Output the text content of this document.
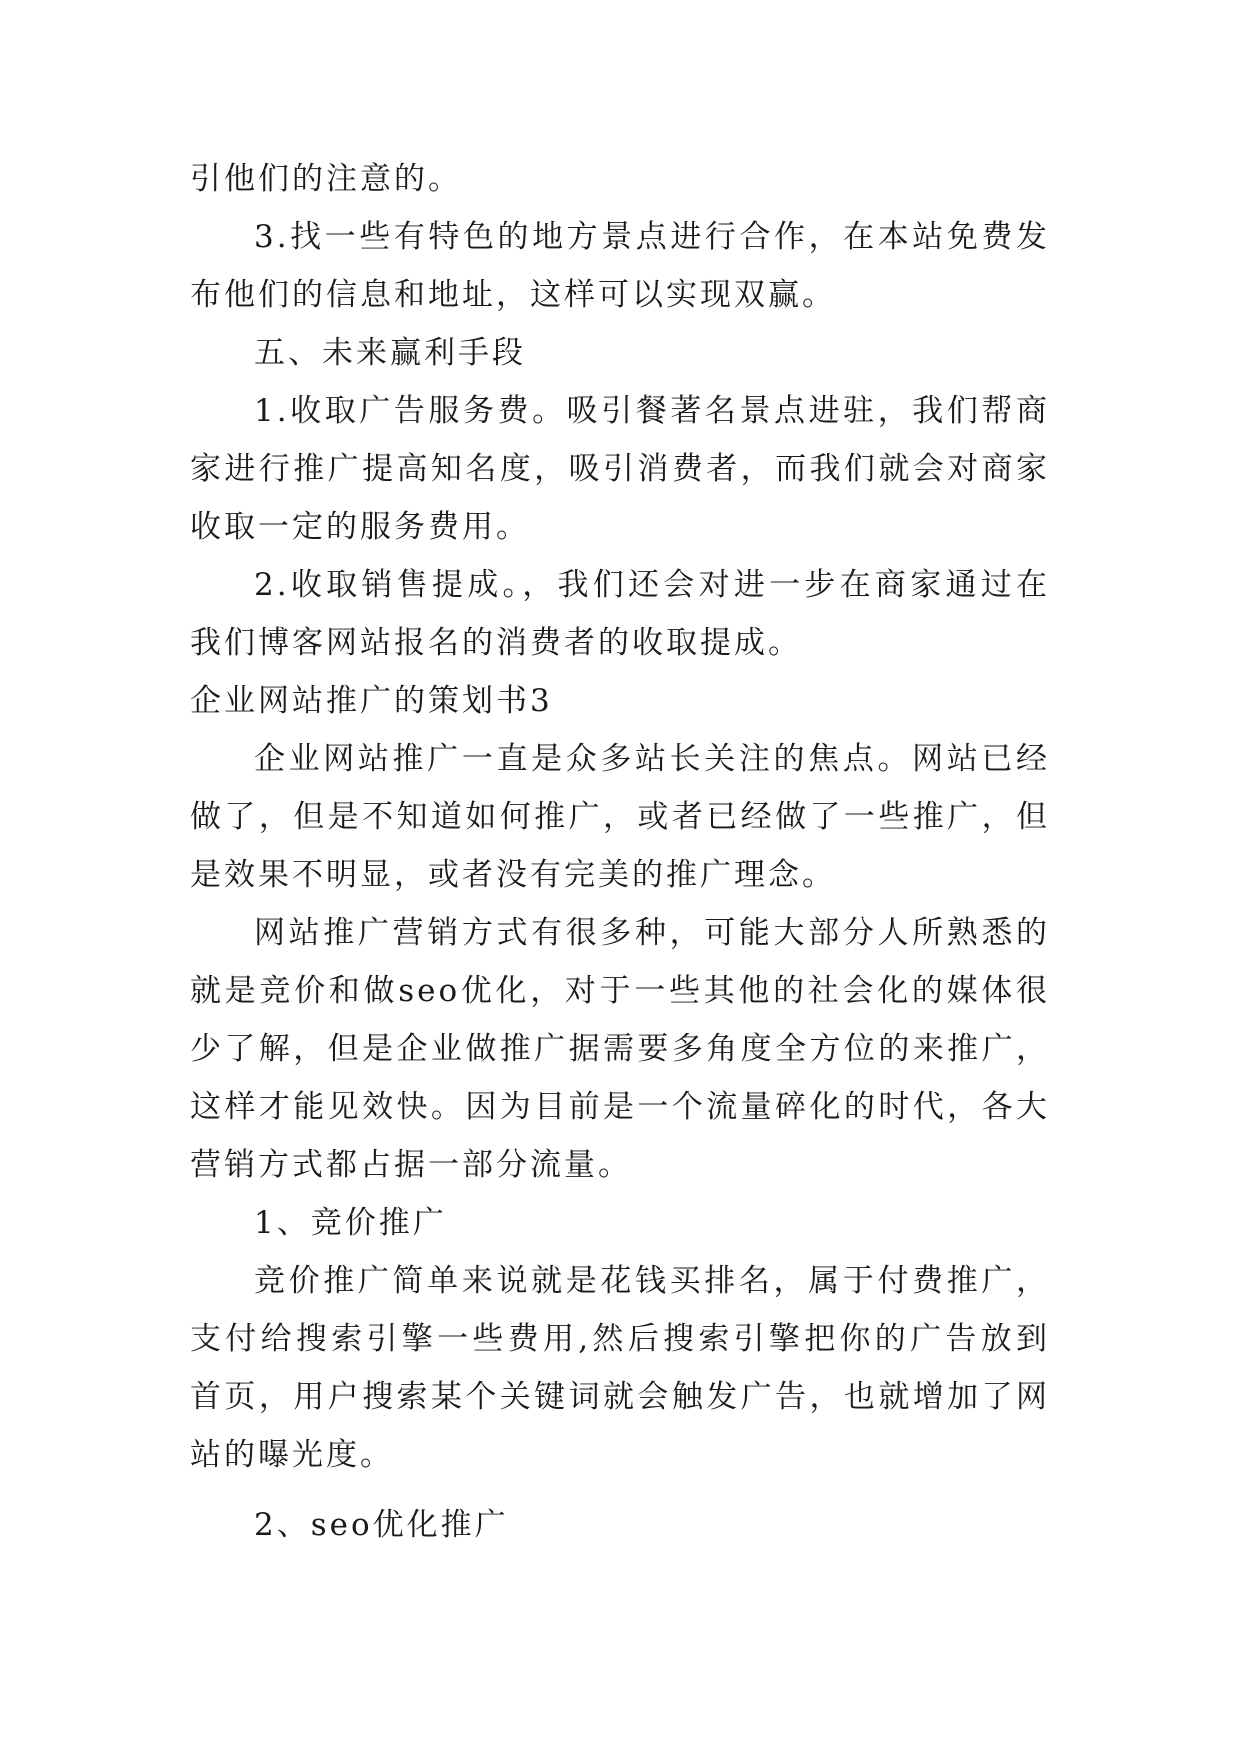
引他们的注意的。

3.找一些有特色的地方景点进行合作，在本站免费发布他们的信息和地址，这样可以实现双赢。

五、未来赢利手段

1.收取广告服务费。吸引餐著名景点进驻，我们帮商家进行推广提高知名度，吸引消费者，而我们就会对商家收取一定的服务费用。

2.收取销售提成。，我们还会对进一步在商家通过在我们博客网站报名的消费者的收取提成。

企业网站推广的策划书3

企业网站推广一直是众多站长关注的焦点。网站已经做了，但是不知道如何推广，或者已经做了一些推广，但是效果不明显，或者没有完美的推广理念。

网站推广营销方式有很多种，可能大部分人所熟悉的就是竞价和做seo优化，对于一些其他的社会化的媒体很少了解，但是企业做推广据需要多角度全方位的来推广，这样才能见效快。因为目前是一个流量碎化的时代，各大营销方式都占据一部分流量。

1、竞价推广

竞价推广简单来说就是花钱买排名，属于付费推广，支付给搜索引擎一些费用,然后搜索引擎把你的广告放到首页，用户搜索某个关键词就会触发广告，也就增加了网站的曝光度。

2、seo优化推广
